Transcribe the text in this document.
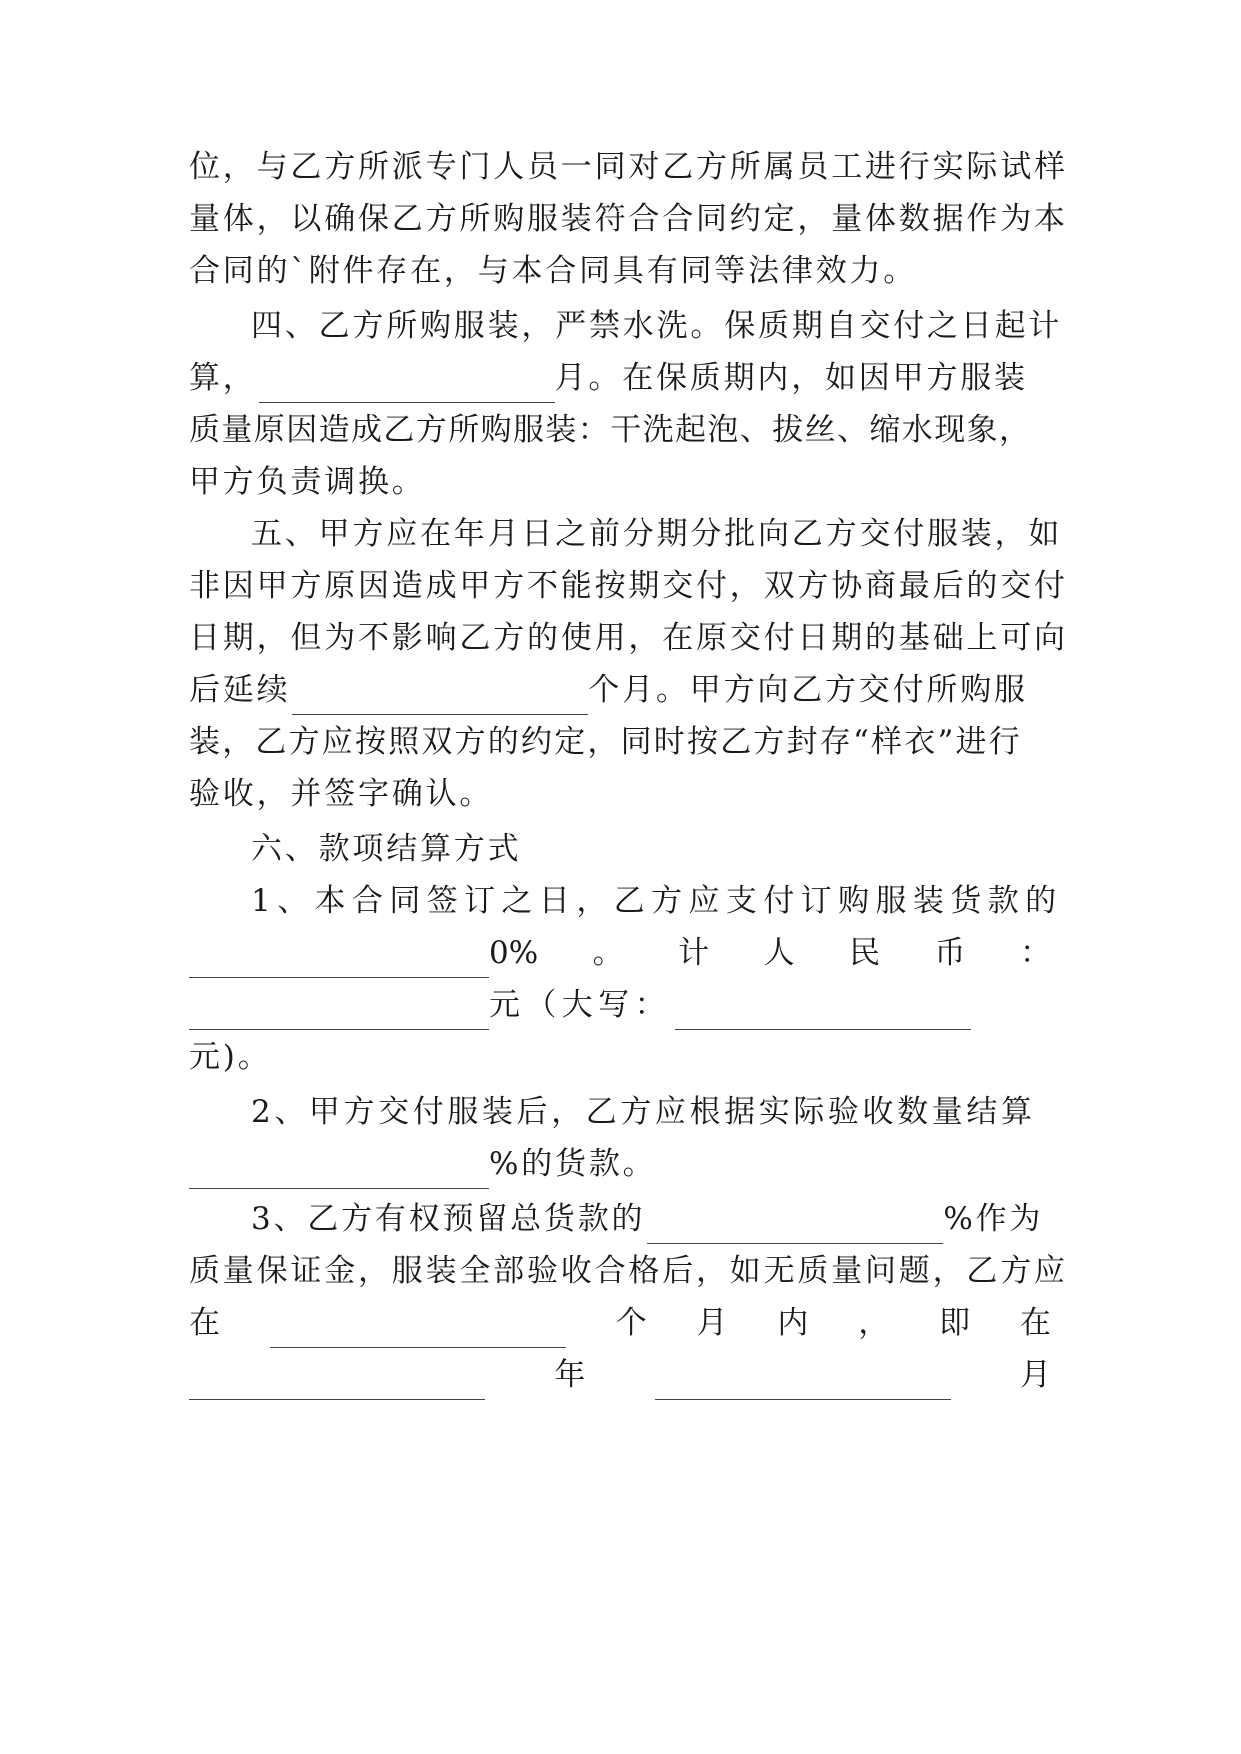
位，与乙方所派专门人员一同对乙方所属员工进行实际试样
量体，以确保乙方所购服装符合合同约定，量体数据作为本
合同的`附件存在，与本合同具有同等法律效力。
四、乙方所购服装，严禁水洗。保质期自交付之日起计
算，	月。在保质期内，如因甲方服装
质量原因造成乙方所购服装：干洗起泡、拔丝、缩水现象，
甲方负责调换。
五、甲方应在年月日之前分期分批向乙方交付服装，如
非因甲方原因造成甲方不能按期交付，双方协商最后的交付
日期，但为不影响乙方的使用，在原交付日期的基础上可向
后延续	个月。甲方向乙方交付所购服
装，乙方应按照双方的约定，同时按乙方封存“样衣”进行
验收，并签字确认。
六、款项结算方式
1、本合同签订之日，乙方应支付订购服装货款的
0% 。 计 人 民 币 ：
元（大写：
元)。
2、甲方交付服装后，乙方应根据实际验收数量结算
%的货款。
3、乙方有权预留总货款的	%作为
质量保证金，服装全部验收合格后，如无质量问题，乙方应
在	个 月 内 ， 即 在
年	月
